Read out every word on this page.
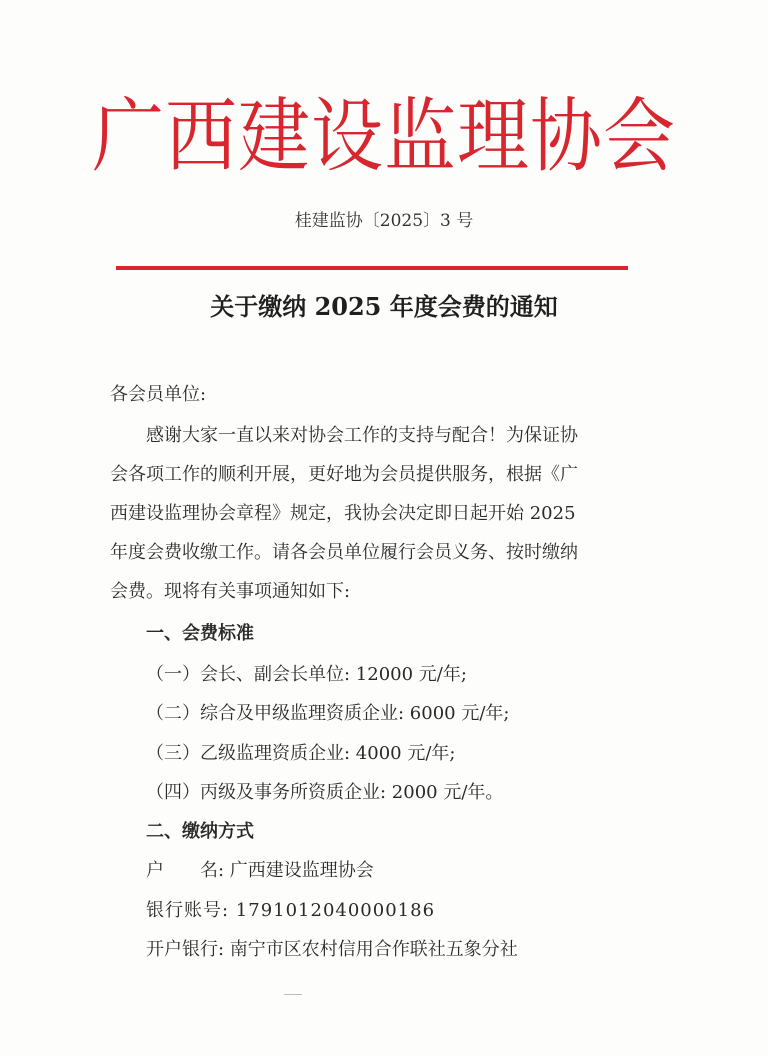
广西建设监理协会
桂建监协〔2025〕3 号
关于缴纳 2025 年度会费的通知
各会员单位:
感谢大家一直以来对协会工作的支持与配合！为保证协
会各项工作的顺利开展，更好地为会员提供服务，根据《广
西建设监理协会章程》规定，我协会决定即日起开始 2025
年度会费收缴工作。请各会员单位履行会员义务、按时缴纳
会费。现将有关事项通知如下:
一、会费标准
（一）会长、副会长单位: 12000 元/年;
（二）综合及甲级监理资质企业: 6000 元/年;
（三）乙级监理资质企业: 4000 元/年;
（四）丙级及事务所资质企业: 2000 元/年。
二、缴纳方式
户　　名: 广西建设监理协会
银行账号: 1791012040000186
开户银行: 南宁市区农村信用合作联社五象分社
